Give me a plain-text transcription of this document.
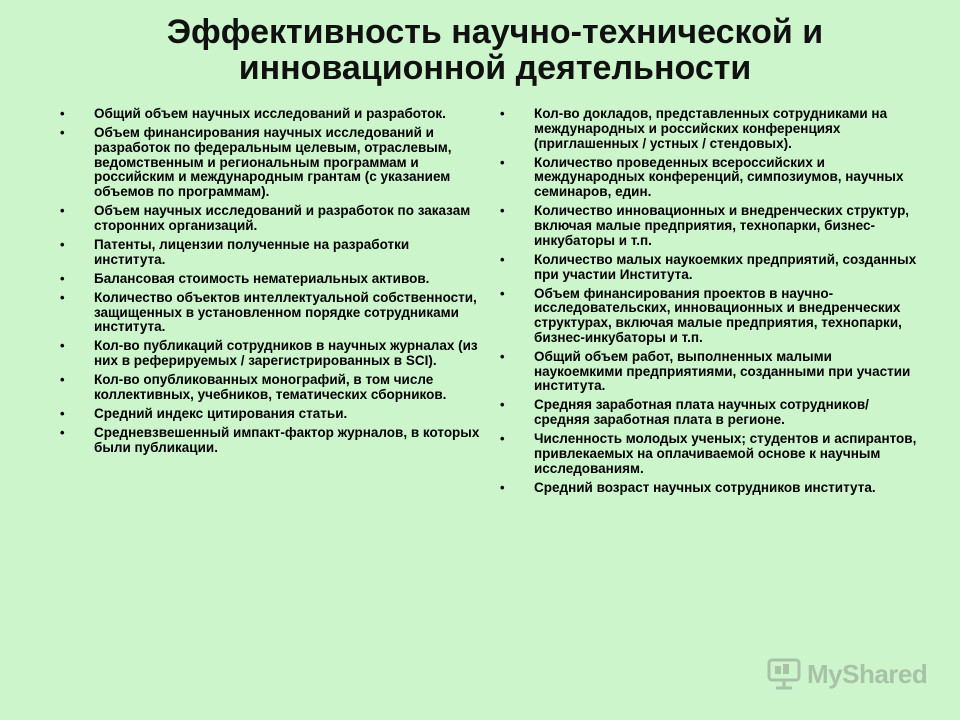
Эффективность научно-технической и инновационной деятельности
• Общий объем научных исследований и разработок.
• Объем финансирования научных исследований и разработок по федеральным целевым, отраслевым, ведомственным и региональным программам и российским и международным грантам (с указанием объемов по программам).
• Объем научных исследований и разработок по заказам сторонних организаций.
• Патенты, лицензии полученные на разработки института.
• Балансовая стоимость нематериальных активов.
• Количество объектов интеллектуальной собственности, защищенных в установленном порядке сотрудниками института.
• Кол-во публикаций сотрудников в научных журналах (из них в реферируемых / зарегистрированных в SCI).
• Кол-во опубликованных монографий, в том числе коллективных, учебников, тематических сборников.
• Средний индекс цитирования статьи.
• Средневзвешенный импакт-фактор журналов, в которых были публикации.
• Кол-во докладов, представленных сотрудниками на международных и российских конференциях (приглашенных / устных / стендовых).
• Количество проведенных всероссийских и международных конференций, симпозиумов, научных семинаров, един.
• Количество инновационных и внедренческих структур, включая малые предприятия, технопарки, бизнес-инкубаторы и т.п.
• Количество малых наукоемких предприятий, созданных при участии Института.
• Объем финансирования проектов в научно-исследовательских, инновационных и внедренческих структурах, включая малые предприятия, технопарки, бизнес-инкубаторы и т.п.
• Общий объем работ, выполненных малыми наукоемкими предприятиями, созданными при участии института.
• Средняя заработная плата научных сотрудников/средняя заработная плата в регионе.
• Численность молодых ученых; студентов и аспирантов, привлекаемых на оплачиваемой основе к научным исследованиям.
• Средний возраст научных сотрудников института.
MyShared
